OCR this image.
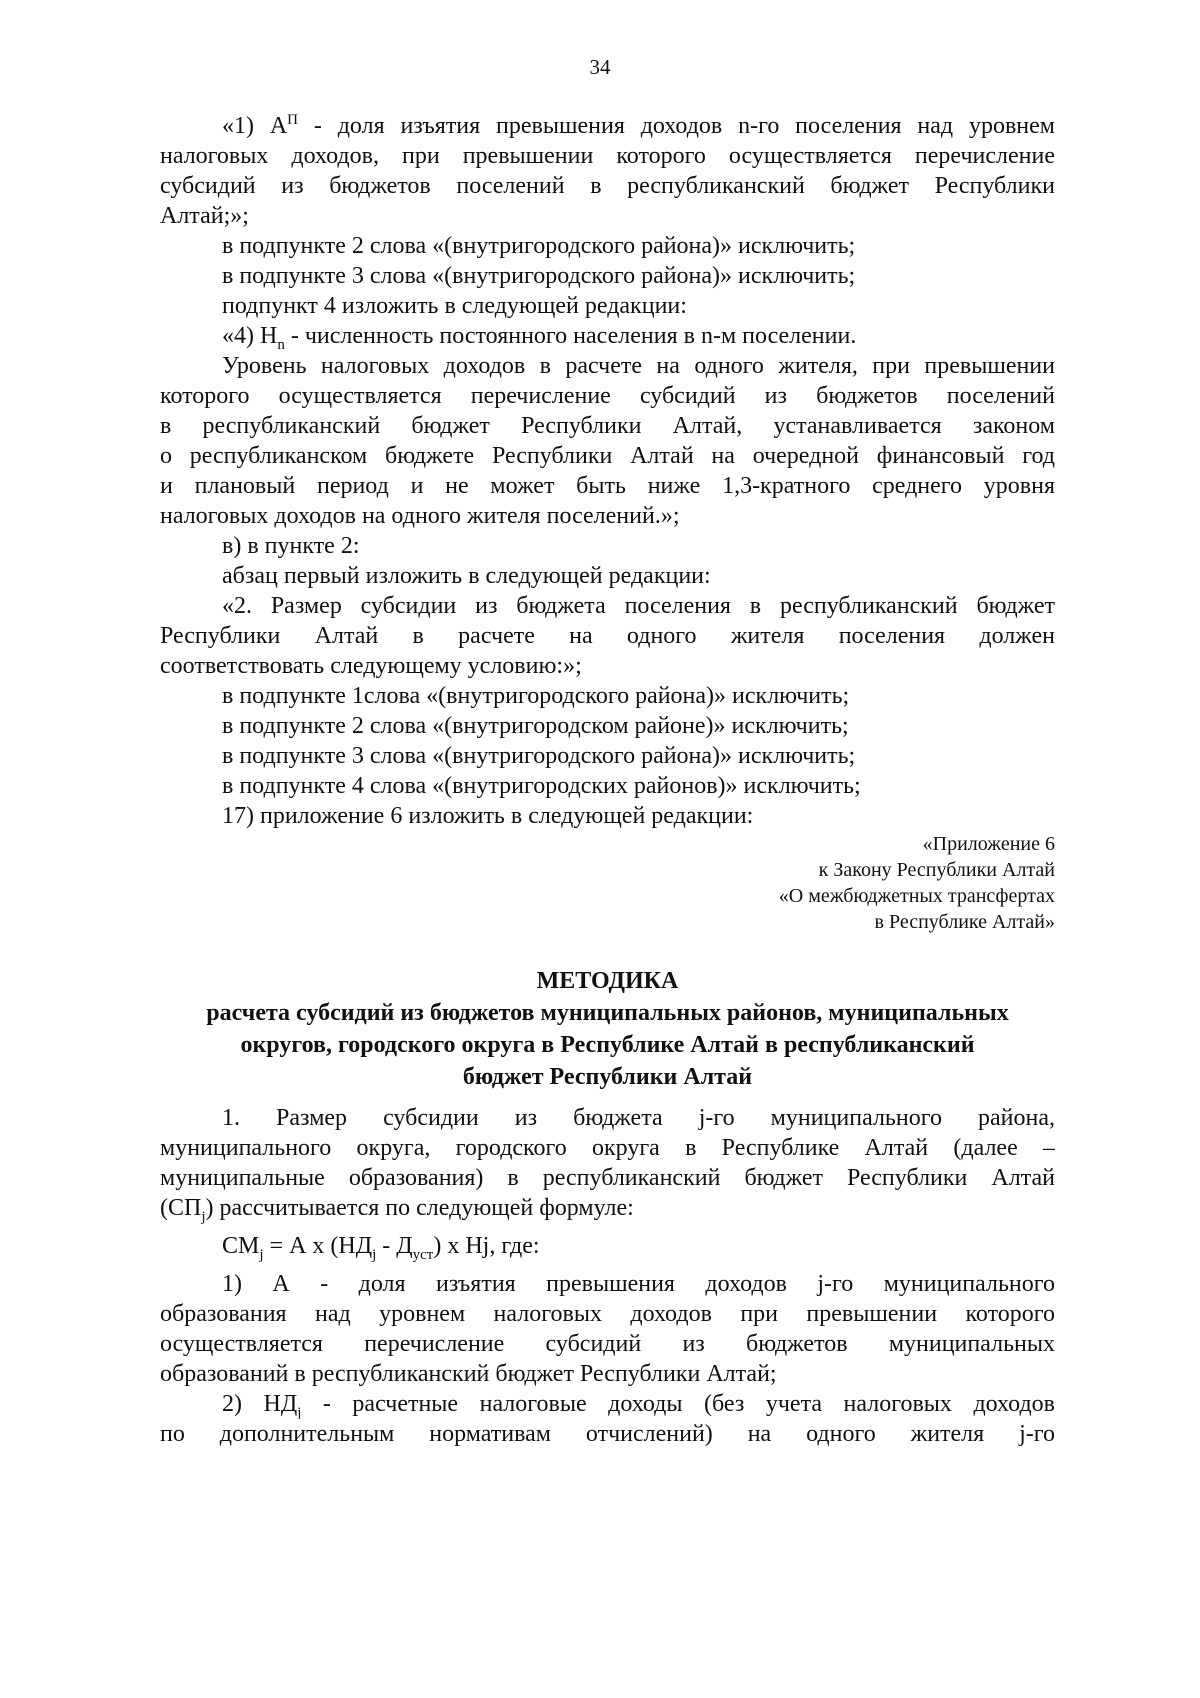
34
«1) $А^П$ - доля изъятия превышения доходов n-го поселения над уровнем
налоговых доходов, при превышении которого осуществляется перечисление
субсидий из бюджетов поселений в республиканский бюджет Республики
Алтай;»;
в подпункте 2 слова «(внутригородского района)» исключить;
в подпункте 3 слова «(внутригородского района)» исключить;
подпункт 4 изложить в следующей редакции:
«4) $Н_n$ - численность постоянного населения в n-м поселении.
Уровень налоговых доходов в расчете на одного жителя, при превышении
которого осуществляется перечисление субсидий из бюджетов поселений
в республиканский бюджет Республики Алтай, устанавливается законом
о республиканском бюджете Республики Алтай на очередной финансовый год
и плановый период и не может быть ниже 1,3-кратного среднего уровня
налоговых доходов на одного жителя поселений.»;
в) в пункте 2:
абзац первый изложить в следующей редакции:
«2. Размер субсидии из бюджета поселения в республиканский бюджет
Республики Алтай в расчете на одного жителя поселения должен
соответствовать следующему условию:»;
в подпункте 1слова «(внутригородского района)» исключить;
в подпункте 2 слова «(внутригородском районе)» исключить;
в подпункте 3 слова «(внутригородского района)» исключить;
в подпункте 4 слова «(внутригородских районов)» исключить;
17) приложение 6 изложить в следующей редакции:
«Приложение 6
к Закону Республики Алтай
«О межбюджетных трансфертах
в Республике Алтай»
МЕТОДИКА
расчета субсидий из бюджетов муниципальных районов, муниципальных
округов, городского округа в Республике Алтай в республиканский
бюджет Республики Алтай
1. Размер субсидии из бюджета j-го муниципального района,
муниципального округа, городского округа в Республике Алтай (далее –
муниципальные образования) в республиканский бюджет Республики Алтай
$(СП_j)$ рассчитывается по следующей формуле:
$СМ_j = А$ x $(НД_j - Д_{уст})$ x Нj, где:
1) А - доля изъятия превышения доходов j-го муниципального
образования над уровнем налоговых доходов при превышении которого
осуществляется перечисление субсидий из бюджетов муниципальных
образований в республиканский бюджет Республики Алтай;
2) $НД_j$ - расчетные налоговые доходы (без учета налоговых доходов
по дополнительным нормативам отчислений) на одного жителя j-го
